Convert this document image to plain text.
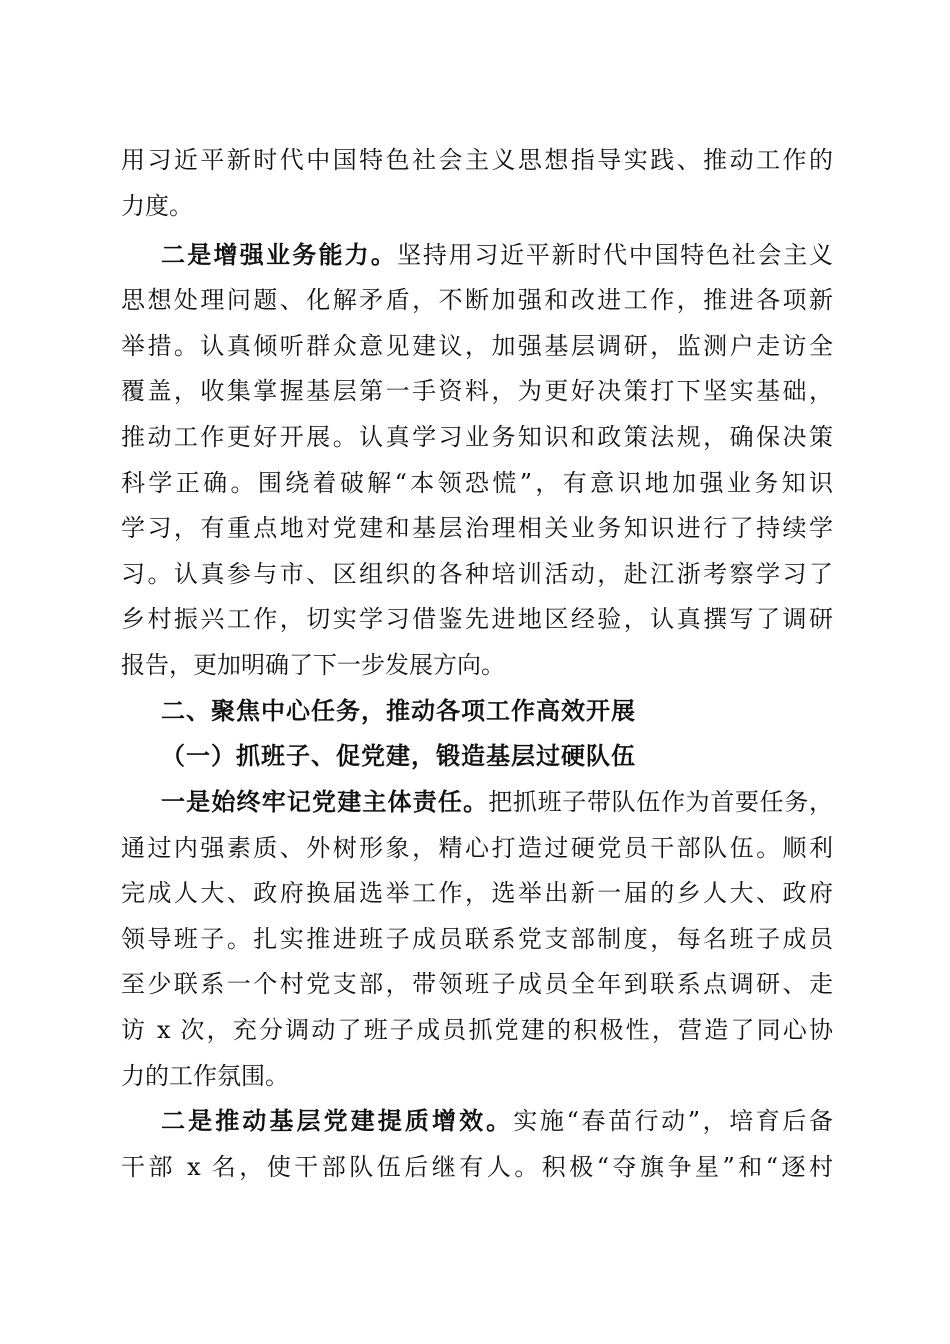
用习近平新时代中国特色社会主义思想指导实践、推动工作的
力度。
二是增强业务能力。坚持用习近平新时代中国特色社会主义
思想处理问题、化解矛盾，不断加强和改进工作，推进各项新
举措。认真倾听群众意见建议，加强基层调研，监测户走访全
覆盖，收集掌握基层第一手资料，为更好决策打下坚实基础，
推动工作更好开展。认真学习业务知识和政策法规，确保决策
科学正确。围绕着破解“本领恐慌”，有意识地加强业务知识
学习，有重点地对党建和基层治理相关业务知识进行了持续学
习。认真参与市、区组织的各种培训活动，赴江浙考察学习了
乡村振兴工作，切实学习借鉴先进地区经验，认真撰写了调研
报告，更加明确了下一步发展方向。
二、聚焦中心任务，推动各项工作高效开展
（一）抓班子、促党建，锻造基层过硬队伍
一是始终牢记党建主体责任。把抓班子带队伍作为首要任务，
通过内强素质、外树形象，精心打造过硬党员干部队伍。顺利
完成人大、政府换届选举工作，选举出新一届的乡人大、政府
领导班子。扎实推进班子成员联系党支部制度，每名班子成员
至少联系一个村党支部，带领班子成员全年到联系点调研、走
访 x 次，充分调动了班子成员抓党建的积极性，营造了同心协
力的工作氛围。
二是推动基层党建提质增效。实施“春苗行动”，培育后备
干部 x 名，使干部队伍后继有人。积极“夺旗争星”和“逐村
